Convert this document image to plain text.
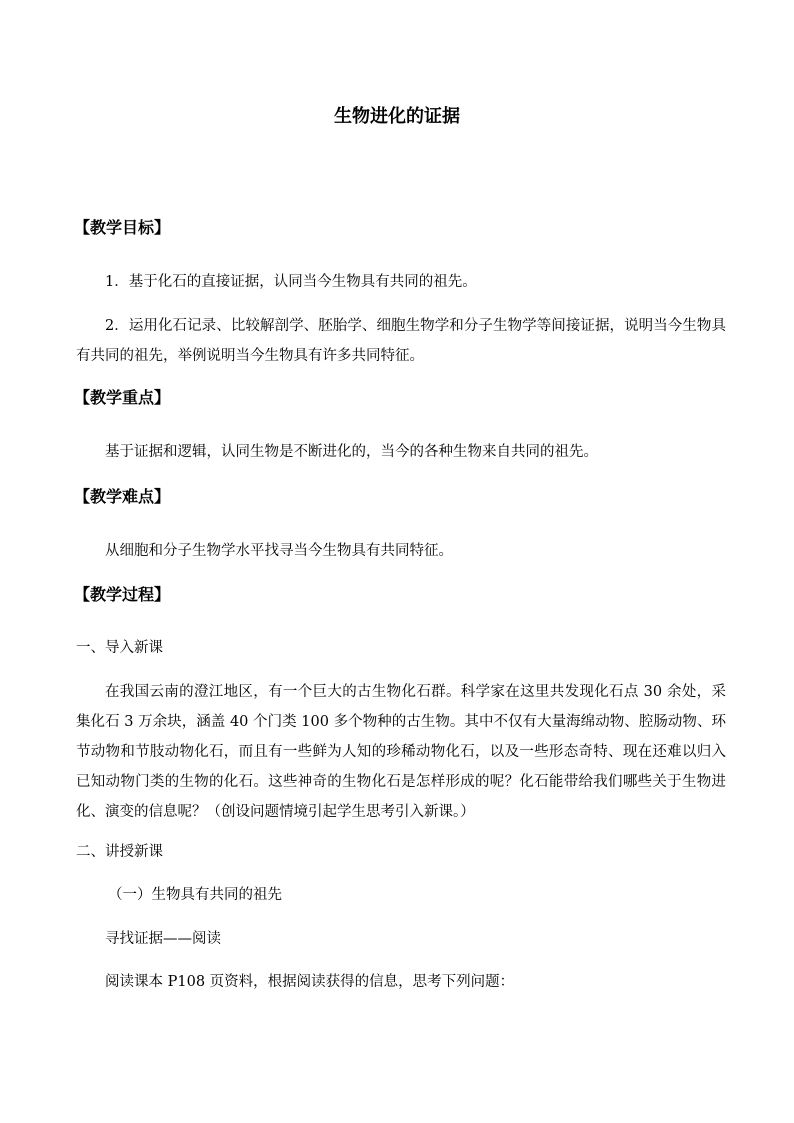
生物进化的证据
【教学目标】
1．基于化石的直接证据，认同当今生物具有共同的祖先。
2．运用化石记录、比较解剖学、胚胎学、细胞生物学和分子生物学等间接证据，说明当今生物具有共同的祖先，举例说明当今生物具有许多共同特征。
【教学重点】
基于证据和逻辑，认同生物是不断进化的，当今的各种生物来自共同的祖先。
【教学难点】
从细胞和分子生物学水平找寻当今生物具有共同特征。
【教学过程】
一、导入新课
在我国云南的澄江地区，有一个巨大的古生物化石群。科学家在这里共发现化石点 30 余处，采集化石 3 万余块，涵盖 40 个门类 100 多个物种的古生物。其中不仅有大量海绵动物、腔肠动物、环节动物和节肢动物化石，而且有一些鲜为人知的珍稀动物化石，以及一些形态奇特、现在还难以归入已知动物门类的生物的化石。这些神奇的生物化石是怎样形成的呢？化石能带给我们哪些关于生物进化、演变的信息呢？（创设问题情境引起学生思考引入新课。）
二、讲授新课
（一）生物具有共同的祖先
寻找证据——阅读
阅读课本 P108 页资料，根据阅读获得的信息，思考下列问题：
